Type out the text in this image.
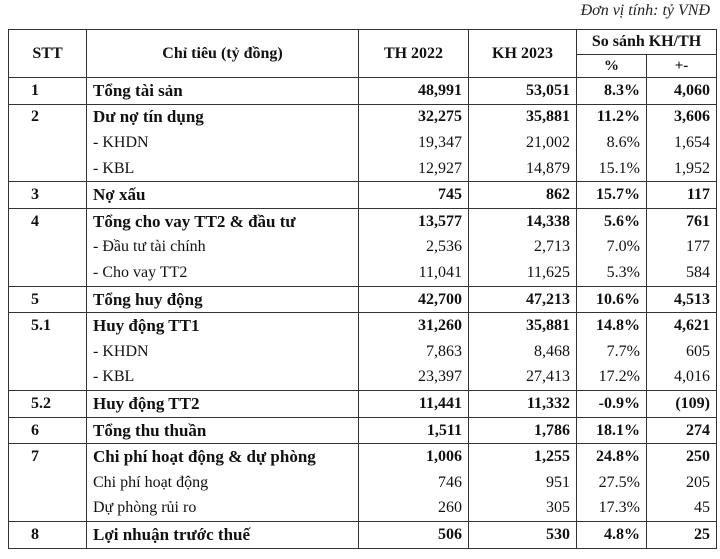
Đơn vị tính: tỷ VNĐ
STT	Chỉ tiêu (tỷ đồng)	TH 2022	KH 2023	So sánh KH/TH	
				%	+-
1	Tổng tài sản	48,991	53,051	8.3%	4,060
2	Dư nợ tín dụng	32,275	35,881	11.2%	3,606
	- KHDN	19,347	21,002	8.6%	1,654
	- KBL	12,927	14,879	15.1%	1,952
3	Nợ xấu	745	862	15.7%	117
4	Tổng cho vay TT2 & đầu tư	13,577	14,338	5.6%	761
	- Đầu tư tài chính	2,536	2,713	7.0%	177
	- Cho vay TT2	11,041	11,625	5.3%	584
5	Tổng huy động	42,700	47,213	10.6%	4,513
5.1	Huy động TT1	31,260	35,881	14.8%	4,621
	- KHDN	7,863	8,468	7.7%	605
	- KBL	23,397	27,413	17.2%	4,016
5.2	Huy động TT2	11,441	11,332	-0.9%	(109)
6	Tổng thu thuần	1,511	1,786	18.1%	274
7	Chi phí hoạt động & dự phòng	1,006	1,255	24.8%	250
	Chi phí hoạt động	746	951	27.5%	205
	Dự phòng rủi ro	260	305	17.3%	45
8	Lợi nhuận trước thuế	506	530	4.8%	25
